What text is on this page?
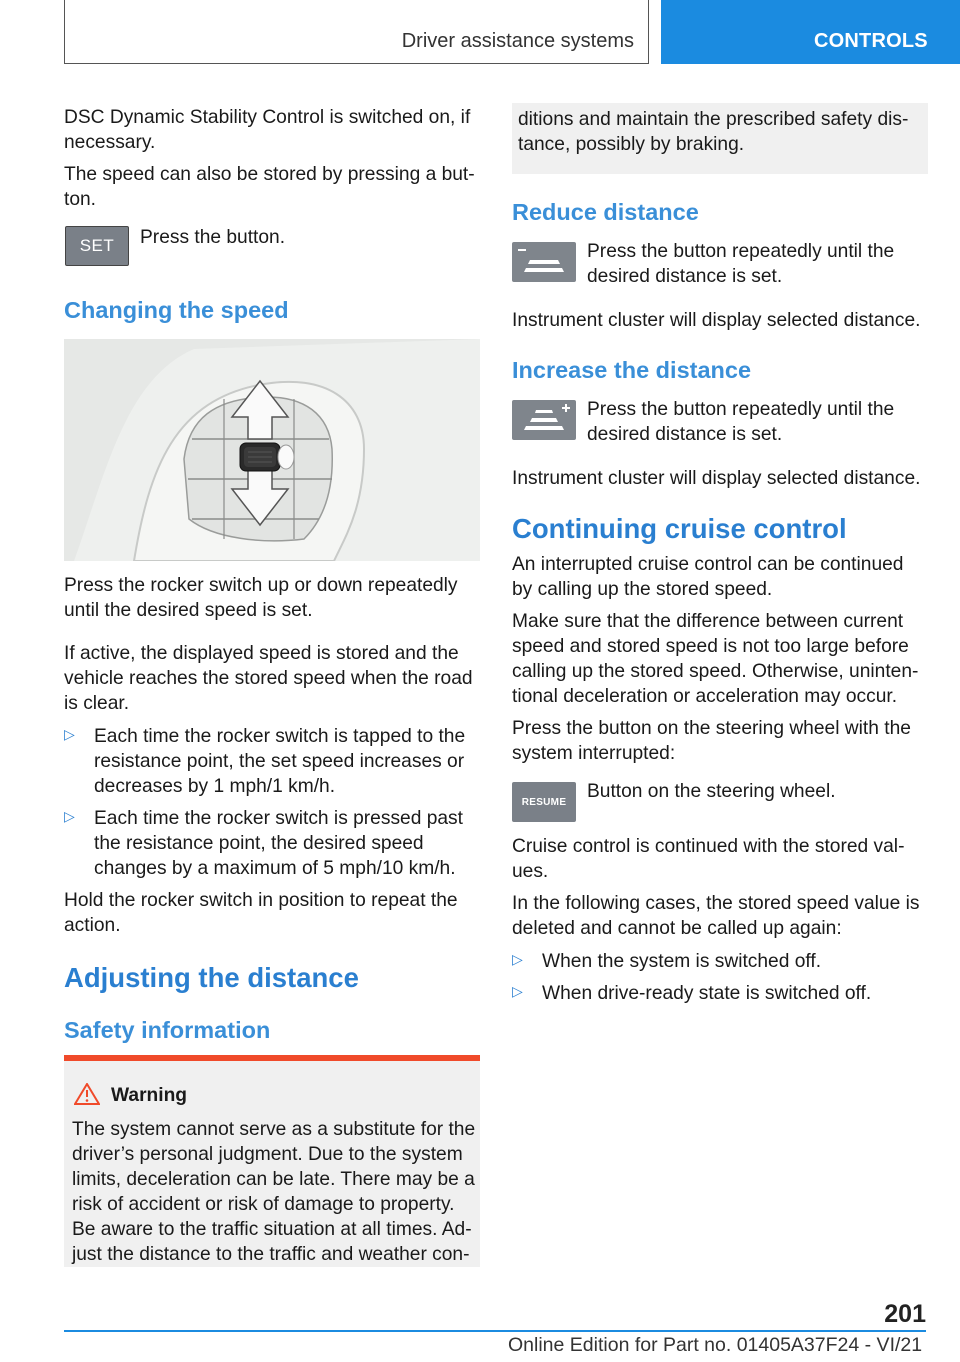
Driver assistance systems	CONTROLS

DSC Dynamic Stability Control is switched on, if

necessary.

The speed can also be stored by pressing a but‐

ton.

SET Press the button.

Changing the speed

Press the rocker switch up or down repeatedly

until the desired speed is set.

If active, the displayed speed is stored and the

vehicle reaches the stored speed when the road

is clear.

▷ Each time the rocker switch is tapped to the

resistance point, the set speed increases or

decreases by 1 mph/1 km/h.

▷ Each time the rocker switch is pressed past

the resistance point, the desired speed

changes by a maximum of 5 mph/10 km/h.

Hold the rocker switch in position to repeat the

action.

Adjusting the distance
Safety information
Warning

The system cannot serve as a substitute for the

driver’s personal judgment. Due to the system

limits, deceleration can be late. There may be a

risk of accident or risk of damage to property.

Be aware to the traffic situation at all times. Ad‐

just the distance to the traffic and weather con‐

ditions and maintain the prescribed safety dis‐

tance, possibly by braking.

Reduce distance

Press the button repeatedly until the

desired distance is set.

Instrument cluster will display selected distance.

Increase the distance

Press the button repeatedly until the

desired distance is set.

Instrument cluster will display selected distance.

Continuing cruise control

An interrupted cruise control can be continued

by calling up the stored speed.

Make sure that the difference between current

speed and stored speed is not too large before

calling up the stored speed. Otherwise, uninten‐

tional deceleration or acceleration may occur.

Press the button on the steering wheel with the

system interrupted:

RESUME Button on the steering wheel.

Cruise control is continued with the stored val‐

ues.

In the following cases, the stored speed value is

deleted and cannot be called up again:

▷ When the system is switched off.

▷ When drive-ready state is switched off.

201
Online Edition for Part no. 01405A37F24 - VI/21
